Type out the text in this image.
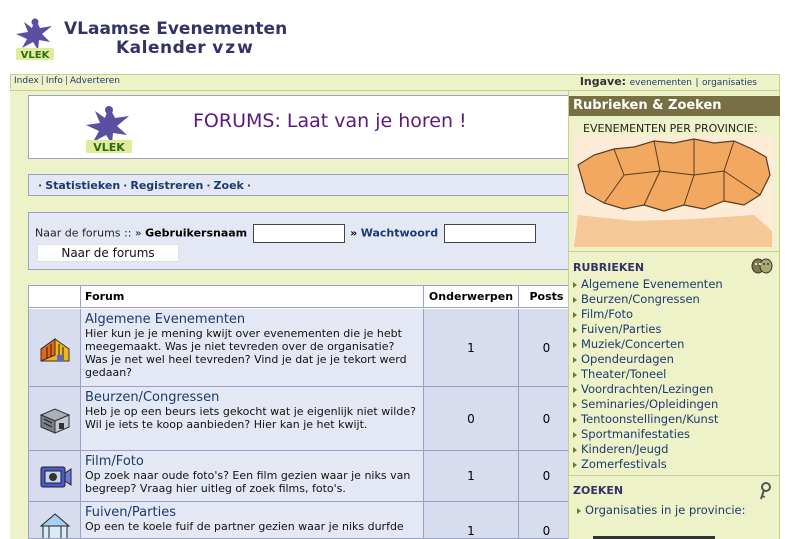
VLEK
VLaamse Evenementen
Kalender vzw
Index | Info | Adverteren	Ingave: evenementen | organisaties
VLEK
FORUMS: Laat van je horen !
· Statistieken · Registreren · Zoek ·
Naar de forums :: » Gebruikersnaam	» Wachtwoord
Naar de forums
Forum	Onderwerpen	Posts
Algemene Evenementen
Hier kun je je mening kwijt over evenementen die je hebt meegemaakt. Was je niet tevreden over de organisatie? Was je net wel heel tevreden? Vind je dat je je tekort werd gedaan?
1	0
Beurzen/Congressen
Heb je op een beurs iets gekocht wat je eigenlijk niet wilde? Wil je iets te koop aanbieden? Hier kan je het kwijt.	0	0
Film/Foto
Op zoek naar oude foto's? Een film gezien waar je niks van begreep? Vraag hier uitleg of zoek films, foto's.
1	0
Fuiven/Parties
Op een te koele fuif de partner gezien waar je niks durfde	1	0
Rubrieken & Zoeken
EVENEMENTEN PER PROVINCIE:
RUBRIEKEN
Algemene Evenementen
Beurzen/Congressen
Film/Foto
Fuiven/Parties
Muziek/Concerten
Opendeurdagen
Theater/Toneel
Voordrachten/Lezingen
Seminaries/Opleidingen
Tentoonstellingen/Kunst
Sportmanifestaties
Kinderen/Jeugd
Zomerfestivals
ZOEKEN
Organisaties in je provincie:
